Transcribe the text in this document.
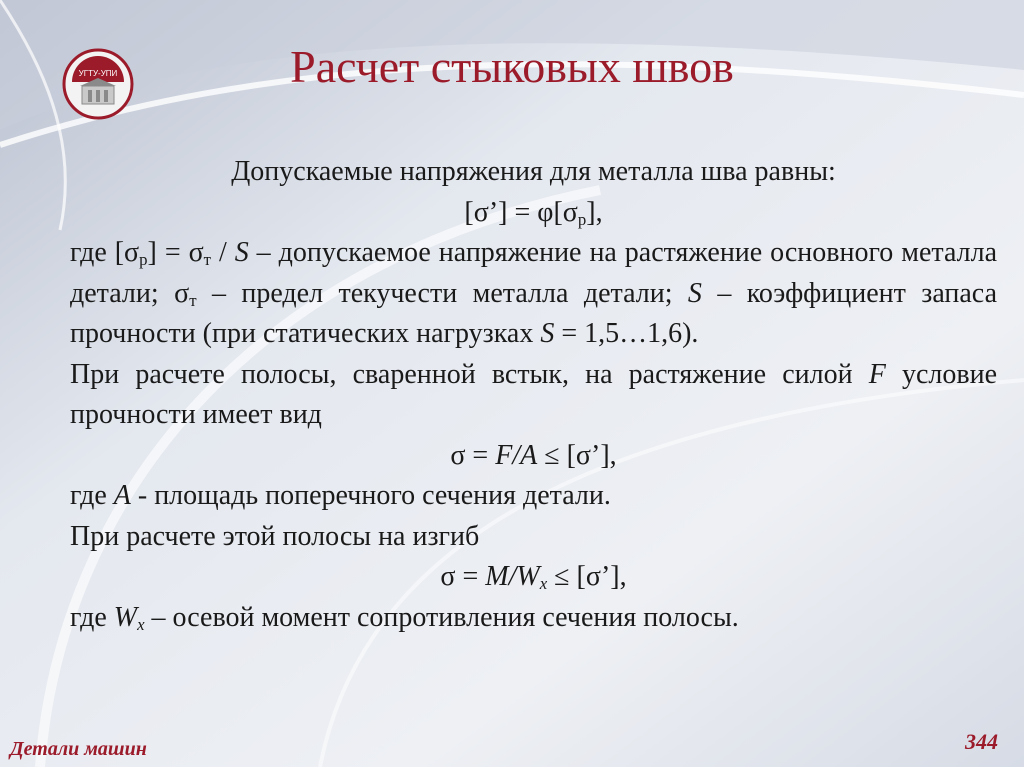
УГТУ-УПИ	Расчет стыковых швов

Допускаемые напряжения для металла шва равны:

[σ’] = $\varphi[\sigma_р]$,

где $[\sigma_р] = \sigma_т / S$ – допускаемое напряжение на растяжение основного металла детали; $\sigma_т$ – предел текучести металла детали; S – коэффициент запаса прочности (при статических нагрузках S = 1,5…1,6).

При расчете полосы, сваренной встык, на растяжение силой F условие прочности имеет вид

σ = F/A ≤ [σ’],

где A - площадь поперечного сечения детали.

При расчете этой полосы на изгиб

$\sigma = M/W_x$ ≤ [σ’],

где $W_x$ – осевой момент сопротивления сечения полосы.

Детали машин	344
